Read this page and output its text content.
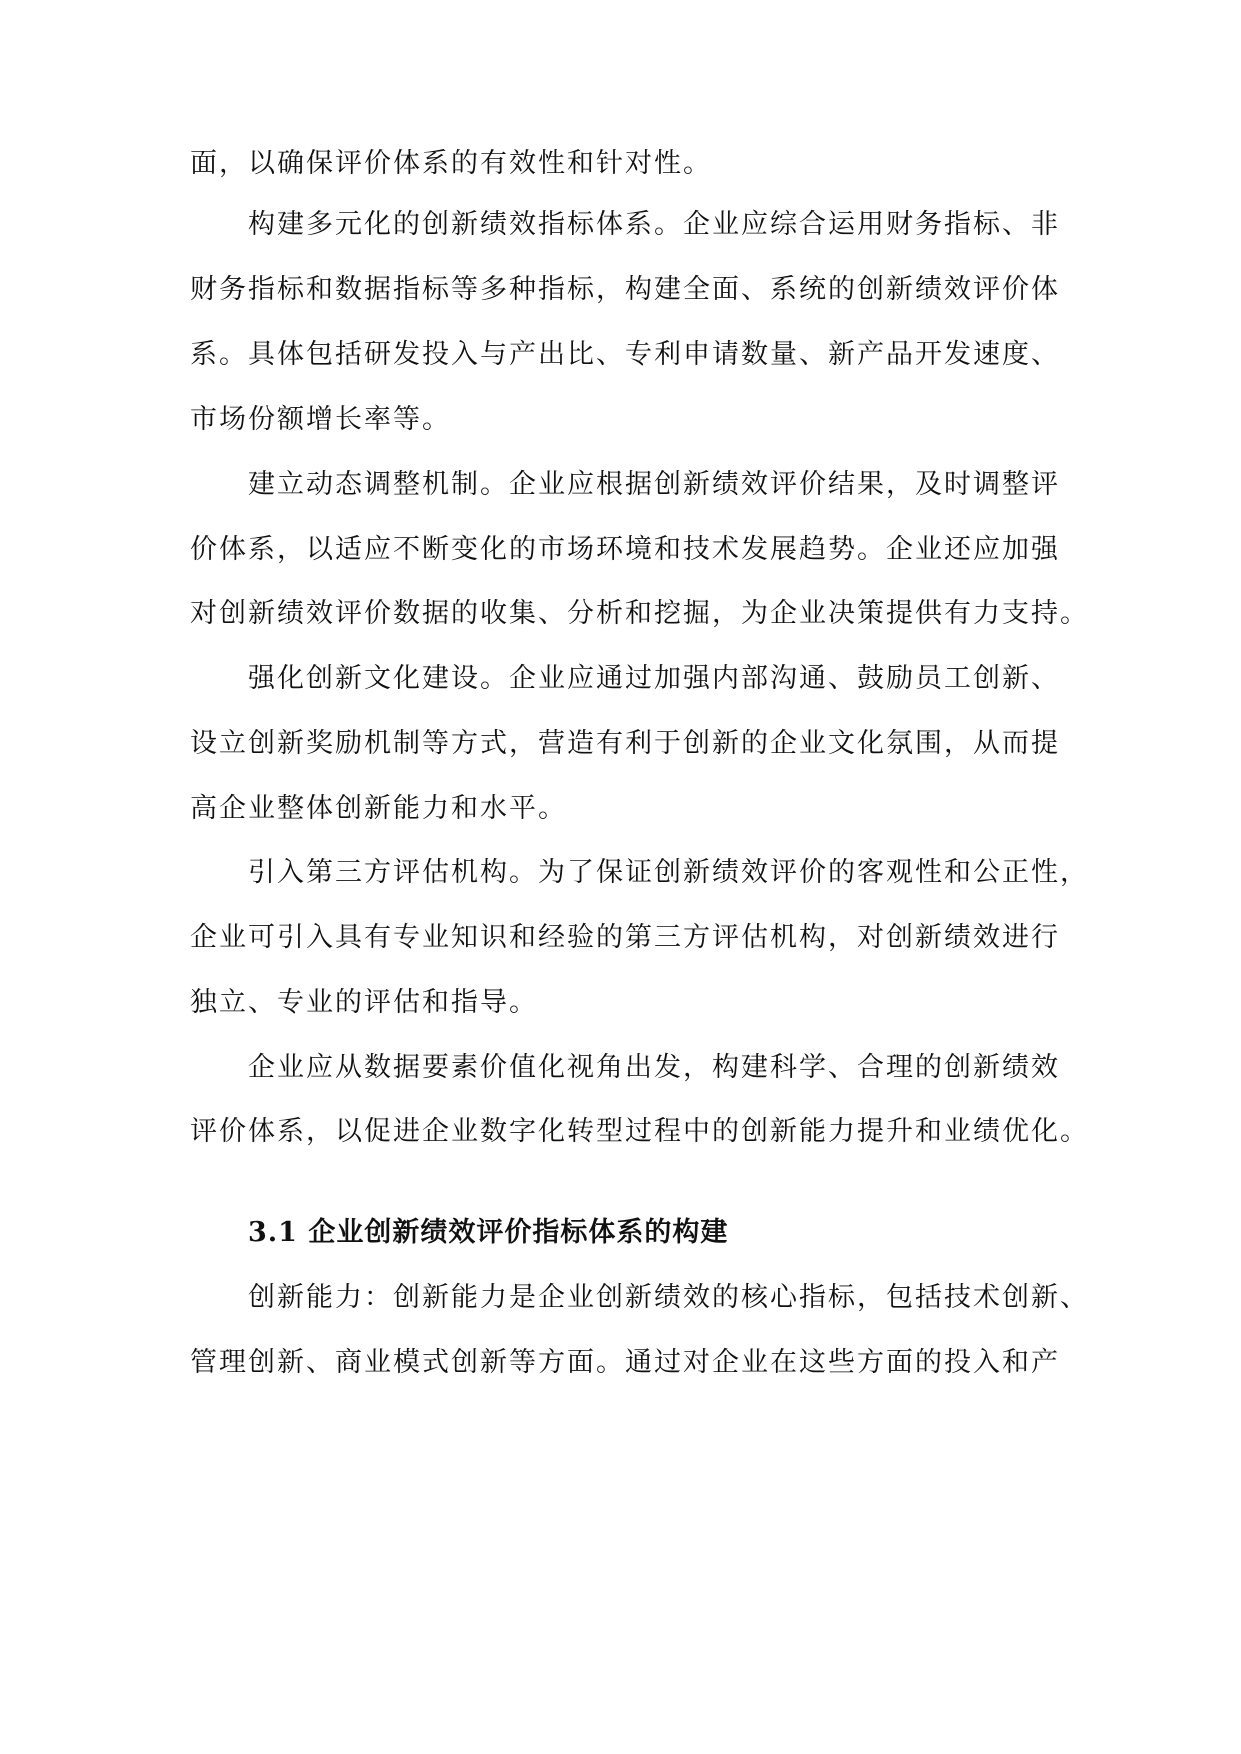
面，以确保评价体系的有效性和针对性。
构建多元化的创新绩效指标体系。企业应综合运用财务指标、非
财务指标和数据指标等多种指标，构建全面、系统的创新绩效评价体
系。具体包括研发投入与产出比、专利申请数量、新产品开发速度、
市场份额增长率等。
建立动态调整机制。企业应根据创新绩效评价结果，及时调整评
价体系，以适应不断变化的市场环境和技术发展趋势。企业还应加强
对创新绩效评价数据的收集、分析和挖掘，为企业决策提供有力支持。
强化创新文化建设。企业应通过加强内部沟通、鼓励员工创新、
设立创新奖励机制等方式，营造有利于创新的企业文化氛围，从而提
高企业整体创新能力和水平。
引入第三方评估机构。为了保证创新绩效评价的客观性和公正性，
企业可引入具有专业知识和经验的第三方评估机构，对创新绩效进行
独立、专业的评估和指导。
企业应从数据要素价值化视角出发，构建科学、合理的创新绩效
评价体系，以促进企业数字化转型过程中的创新能力提升和业绩优化。
3.1 企业创新绩效评价指标体系的构建
创新能力：创新能力是企业创新绩效的核心指标，包括技术创新、
管理创新、商业模式创新等方面。通过对企业在这些方面的投入和产
